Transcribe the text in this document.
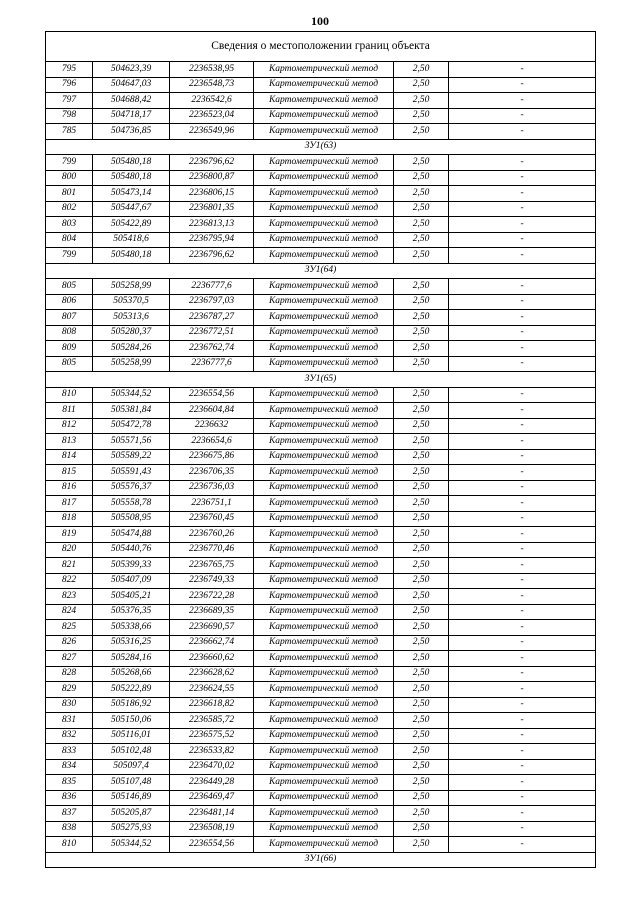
100
Сведения о местоположении границ объекта					
795	504623,39	2236538,95	Картометрический метод	2,50	-
796	504647,03	2236548,73	Картометрический метод	2,50	-
797	504688,42	2236542,6	Картометрический метод	2,50	-
798	504718,17	2236523,04	Картометрический метод	2,50	-
785	504736,85	2236549,96	Картометрический метод	2,50	-
ЗУ1(63)					
799	505480,18	2236796,62	Картометрический метод	2,50	-
800	505480,18	2236800,87	Картометрический метод	2,50	-
801	505473,14	2236806,15	Картометрический метод	2,50	-
802	505447,67	2236801,35	Картометрический метод	2,50	-
803	505422,89	2236813,13	Картометрический метод	2,50	-
804	505418,6	2236795,94	Картометрический метод	2,50	-
799	505480,18	2236796,62	Картометрический метод	2,50	-
ЗУ1(64)					
805	505258,99	2236777,6	Картометрический метод	2,50	-
806	505370,5	2236797,03	Картометрический метод	2,50	-
807	505313,6	2236787,27	Картометрический метод	2,50	-
808	505280,37	2236772,51	Картометрический метод	2,50	-
809	505284,26	2236762,74	Картометрический метод	2,50	-
805	505258,99	2236777,6	Картометрический метод	2,50	-
ЗУ1(65)					
810	505344,52	2236554,56	Картометрический метод	2,50	-
811	505381,84	2236604,84	Картометрический метод	2,50	-
812	505472,78	2236632	Картометрический метод	2,50	-
813	505571,56	2236654,6	Картометрический метод	2,50	-
814	505589,22	2236675,86	Картометрический метод	2,50	-
815	505591,43	2236706,35	Картометрический метод	2,50	-
816	505576,37	2236736,03	Картометрический метод	2,50	-
817	505558,78	2236751,1	Картометрический метод	2,50	-
818	505508,95	2236760,45	Картометрический метод	2,50	-
819	505474,88	2236760,26	Картометрический метод	2,50	-
820	505440,76	2236770,46	Картометрический метод	2,50	-
821	505399,33	2236765,75	Картометрический метод	2,50	-
822	505407,09	2236749,33	Картометрический метод	2,50	-
823	505405,21	2236722,28	Картометрический метод	2,50	-
824	505376,35	2236689,35	Картометрический метод	2,50	-
825	505338,66	2236690,57	Картометрический метод	2,50	-
826	505316,25	2236662,74	Картометрический метод	2,50	-
827	505284,16	2236660,62	Картометрический метод	2,50	-
828	505268,66	2236628,62	Картометрический метод	2,50	-
829	505222,89	2236624,55	Картометрический метод	2,50	-
830	505186,92	2236618,82	Картометрический метод	2,50	-
831	505150,06	2236585,72	Картометрический метод	2,50	-
832	505116,01	2236575,52	Картометрический метод	2,50	-
833	505102,48	2236533,82	Картометрический метод	2,50	-
834	505097,4	2236470,02	Картометрический метод	2,50	-
835	505107,48	2236449,28	Картометрический метод	2,50	-
836	505146,89	2236469,47	Картометрический метод	2,50	-
837	505205,87	2236481,14	Картометрический метод	2,50	-
838	505275,93	2236508,19	Картометрический метод	2,50	-
810	505344,52	2236554,56	Картометрический метод	2,50	-
ЗУ1(66)					
